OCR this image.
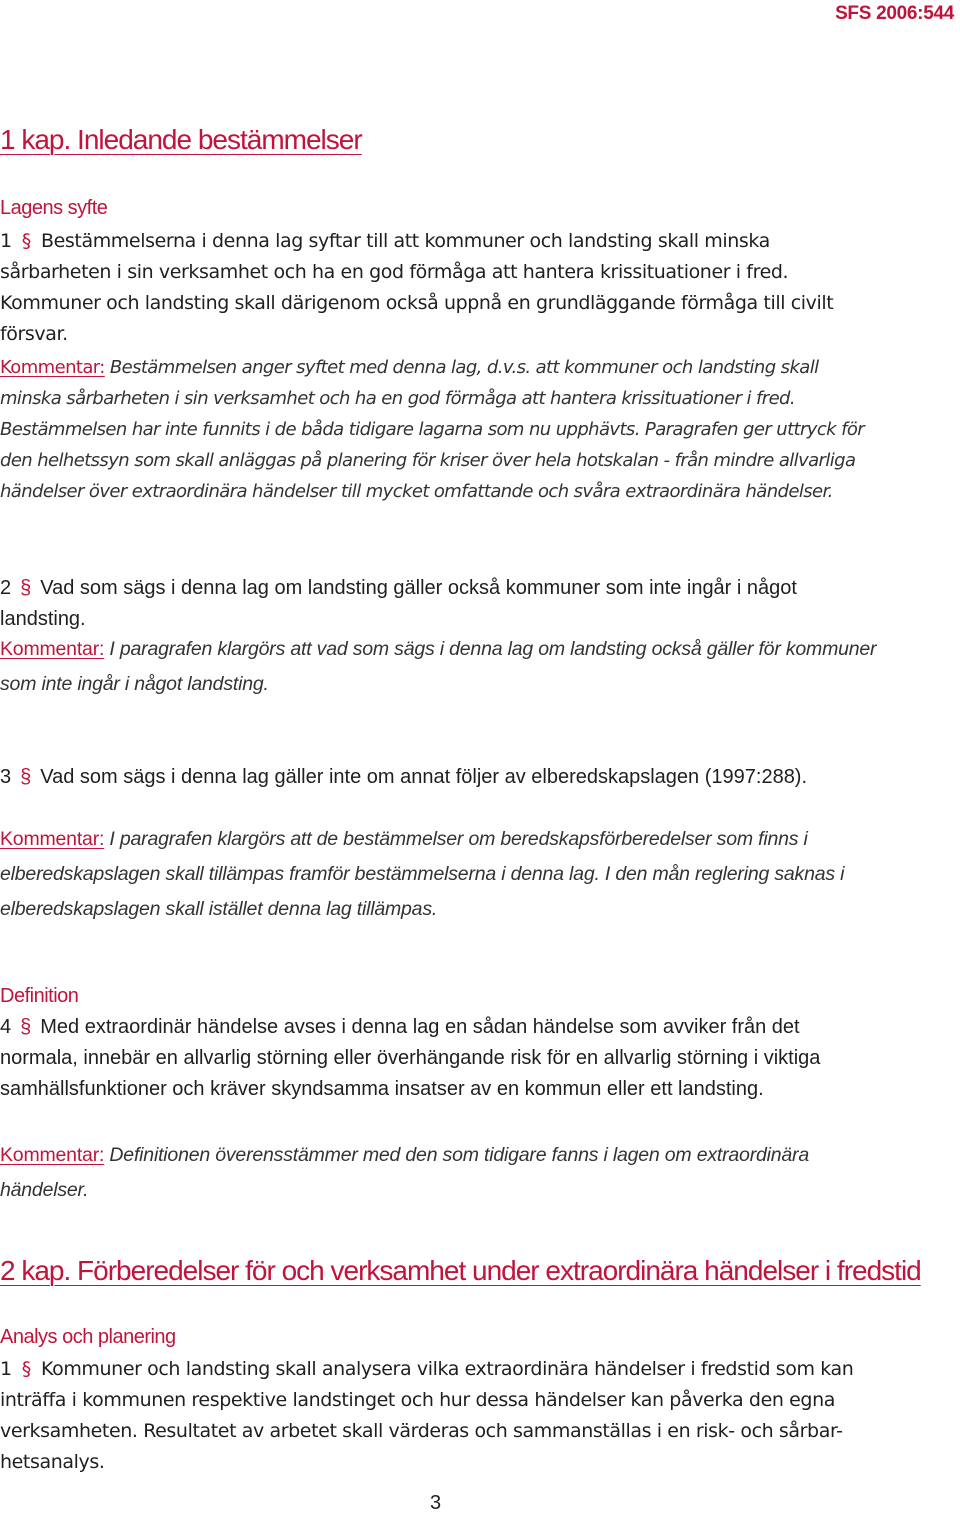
SFS 2006:544
1 kap. Inledande bestämmelser
Lagens syfte

1 § Bestämmelserna i denna lag syftar till att kommuner och landsting skall minska sårbarheten i sin verksamhet och ha en god förmåga att hantera krissituationer i fred. Kommuner och landsting skall därigenom också uppnå en grundläggande förmåga till civilt försvar.

Kommentar: Bestämmelsen anger syftet med denna lag, d.v.s. att kommuner och landsting skall minska sårbarheten i sin verksamhet och ha en god förmåga att hantera krissituationer i fred. Bestämmelsen har inte funnits i de båda tidigare lagarna som nu upphävts. Paragrafen ger uttryck för den helhetssyn som skall anläggas på planering för kriser över hela hotskalan - från mindre allvarliga händelser över extraordinära händelser till mycket omfattande och svåra extraordinära händelser.

2 § Vad som sägs i denna lag om landsting gäller också kommuner som inte ingår i något landsting.

Kommentar: I paragrafen klargörs att vad som sägs i denna lag om landsting också gäller för kommuner som inte ingår i något landsting.

3 § Vad som sägs i denna lag gäller inte om annat följer av elberedskapslagen (1997:288).

Kommentar: I paragrafen klargörs att de bestämmelser om beredskapsförberedelser som finns i elberedskapslagen skall tillämpas framför bestämmelserna i denna lag. I den mån reglering saknas i elberedskapslagen skall istället denna lag tillämpas.

Definition

4 § Med extraordinär händelse avses i denna lag en sådan händelse som avviker från det normala, innebär en allvarlig störning eller överhängande risk för en allvarlig störning i viktiga samhällsfunktioner och kräver skyndsamma insatser av en kommun eller ett landsting.

Kommentar: Definitionen överensstämmer med den som tidigare fanns i lagen om extraordinära händelser.

2 kap. Förberedelser för och verksamhet under extraordinära händelser i fredstid
Analys och planering

1 § Kommuner och landsting skall analysera vilka extraordinära händelser i fredstid som kan inträffa i kommunen respektive landstinget och hur dessa händelser kan påverka den egna verksamheten. Resultatet av arbetet skall värderas och sammanställas i en risk- och sårbar-hetsanalys.

3
